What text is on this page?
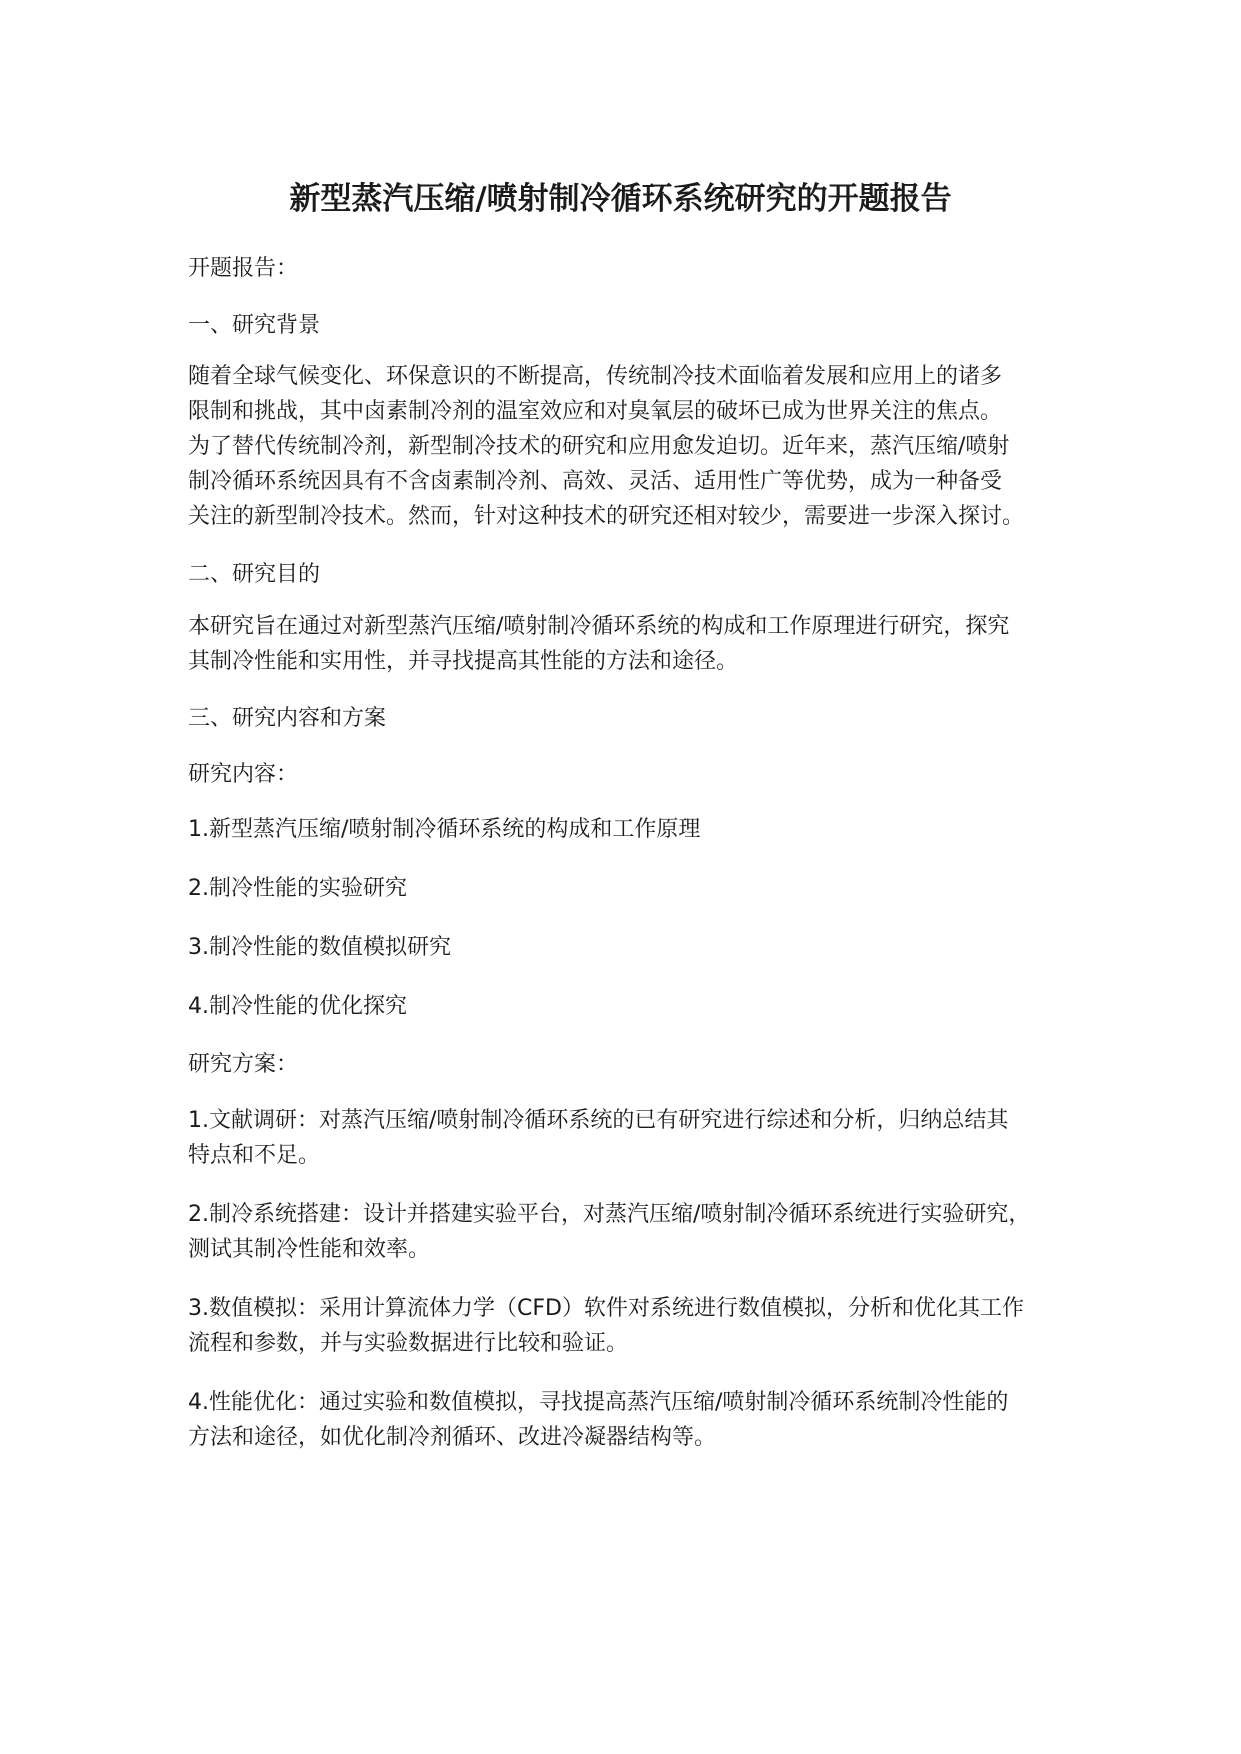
新型蒸汽压缩/喷射制冷循环系统研究的开题报告

开题报告：

一、研究背景

随着全球气候变化、环保意识的不断提高，传统制冷技术面临着发展和应用上的诸多

限制和挑战，其中卤素制冷剂的温室效应和对臭氧层的破坏已成为世界关注的焦点。

为了替代传统制冷剂，新型制冷技术的研究和应用愈发迫切。近年来，蒸汽压缩/喷射

制冷循环系统因具有不含卤素制冷剂、高效、灵活、适用性广等优势，成为一种备受

关注的新型制冷技术。然而，针对这种技术的研究还相对较少，需要进一步深入探讨。

二、研究目的

本研究旨在通过对新型蒸汽压缩/喷射制冷循环系统的构成和工作原理进行研究，探究

其制冷性能和实用性，并寻找提高其性能的方法和途径。

三、研究内容和方案

研究内容：

1.新型蒸汽压缩/喷射制冷循环系统的构成和工作原理

2.制冷性能的实验研究

3.制冷性能的数值模拟研究

4.制冷性能的优化探究

研究方案：

1.文献调研：对蒸汽压缩/喷射制冷循环系统的已有研究进行综述和分析，归纳总结其

特点和不足。

2.制冷系统搭建：设计并搭建实验平台，对蒸汽压缩/喷射制冷循环系统进行实验研究，

测试其制冷性能和效率。

3.数值模拟：采用计算流体力学（CFD）软件对系统进行数值模拟，分析和优化其工作

流程和参数，并与实验数据进行比较和验证。

4.性能优化：通过实验和数值模拟，寻找提高蒸汽压缩/喷射制冷循环系统制冷性能的

方法和途径，如优化制冷剂循环、改进冷凝器结构等。
